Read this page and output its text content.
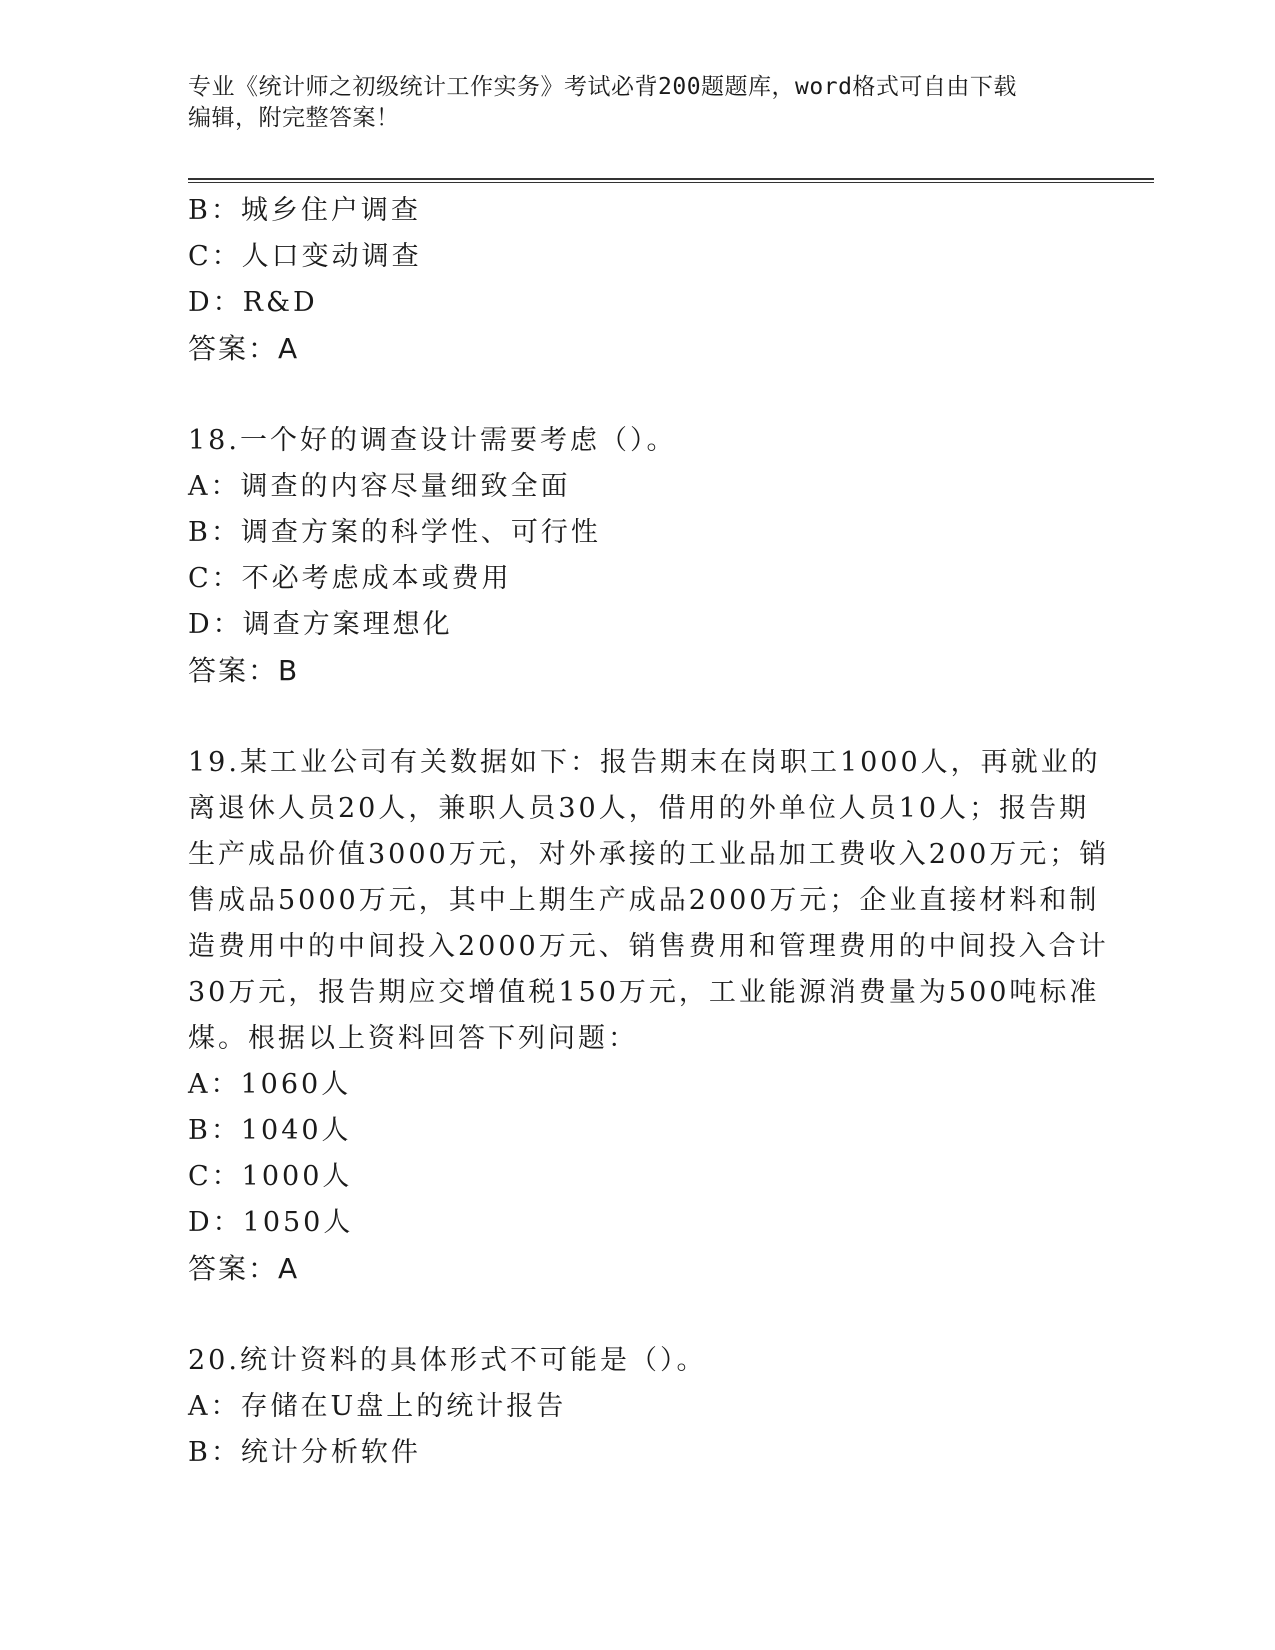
专业《统计师之初级统计工作实务》考试必背200题题库，word格式可自由下载
编辑，附完整答案！
B：城乡住户调查
C：人口变动调查
D：R&D
答案：A
18.一个好的调查设计需要考虑（）。
A：调查的内容尽量细致全面
B：调查方案的科学性、可行性
C：不必考虑成本或费用
D：调查方案理想化
答案：B
19.某工业公司有关数据如下：报告期末在岗职工1000人，再就业的
离退休人员20人，兼职人员30人，借用的外单位人员10人；报告期
生产成品价值3000万元，对外承接的工业品加工费收入200万元；销
售成品5000万元，其中上期生产成品2000万元；企业直接材料和制
造费用中的中间投入2000万元、销售费用和管理费用的中间投入合计
30万元，报告期应交增值税150万元，工业能源消费量为500吨标准
煤。根据以上资料回答下列问题：
A：1060人
B：1040人
C：1000人
D：1050人
答案：A
20.统计资料的具体形式不可能是（）。
A：存储在U盘上的统计报告
B：统计分析软件
